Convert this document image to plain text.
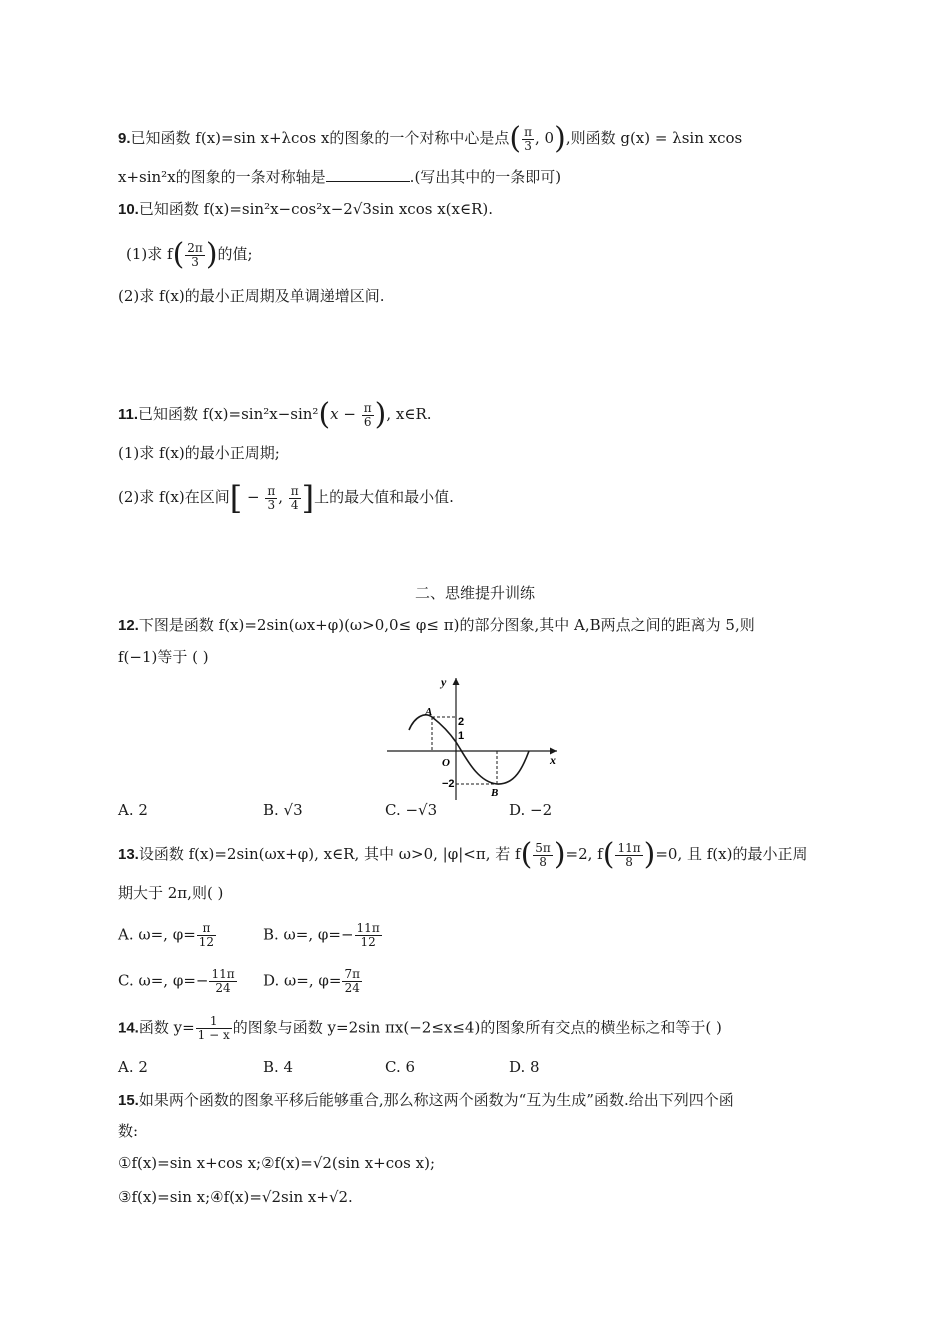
9.已知函数 f(x)=sin x+λcos x的图象的一个对称中心是点( $\frac{\pi}{3}$ , 0),则函数 g(x) = λsin xcos
x+sin²x的图象的一条对称轴是	.(写出其中的一条即可)
10.已知函数 f(x)=sin²x−cos²x−2√3sin xcos x(x∈R).
(1)求 $f( \frac{2\pi}{3}$ )的值;
(2)求 f(x)的最小正周期及单调递增区间.
11.已知函数 $f(x)=\sin^2x-\sin^2(x - \frac{\pi}{6}$ ), x∈R.
(1)求 f(x)的最小正周期;
(2)求 f(x)在区间[ − $\frac{\pi}{3}$ , $\frac{\pi}{4}$ ]上的最大值和最小值.
二、思维提升训练
12.下图是函数 f(x)=2sin(ωx+φ)(ω>0,0≤ φ≤ π)的部分图象,其中 A,B两点之间的距离为 5,则
f(−1)等于 ( )
y
x
O
A
B
2
1
−2
A. 2	B. √3	C. −√3	D. −2
13.设函数 f(x)=2sin(ωx+φ), x∈R, 其中 ω>0, |φ|<π, 若 $f( \frac{5\pi}{8} )=2$, $f( \frac{11\pi}{8} )=0$, 且 f(x)的最小正周
期大于 2π,则( )
A. ω=, $\varphi= \frac{\pi}{12}$	B. ω=, $\varphi=- \frac{11\pi}{12}$
C. ω=, $\varphi=- \frac{11\pi}{24} D$. ω=, $\varphi= \frac{7\pi}{24}$
14.函数 $y= \frac{1}{1 - x}$ 的图象与函数 y=2sin πx(−2≤x≤4)的图象所有交点的横坐标之和等于( )
A. 2	B. 4	C. 6	D. 8
15.如果两个函数的图象平移后能够重合,那么称这两个函数为“互为生成”函数.给出下列四个函
数:
①f(x)=sin x+cos x;②f(x)=√2(sin x+cos x);
③f(x)=sin x;④f(x)=√2sin x+√2.
